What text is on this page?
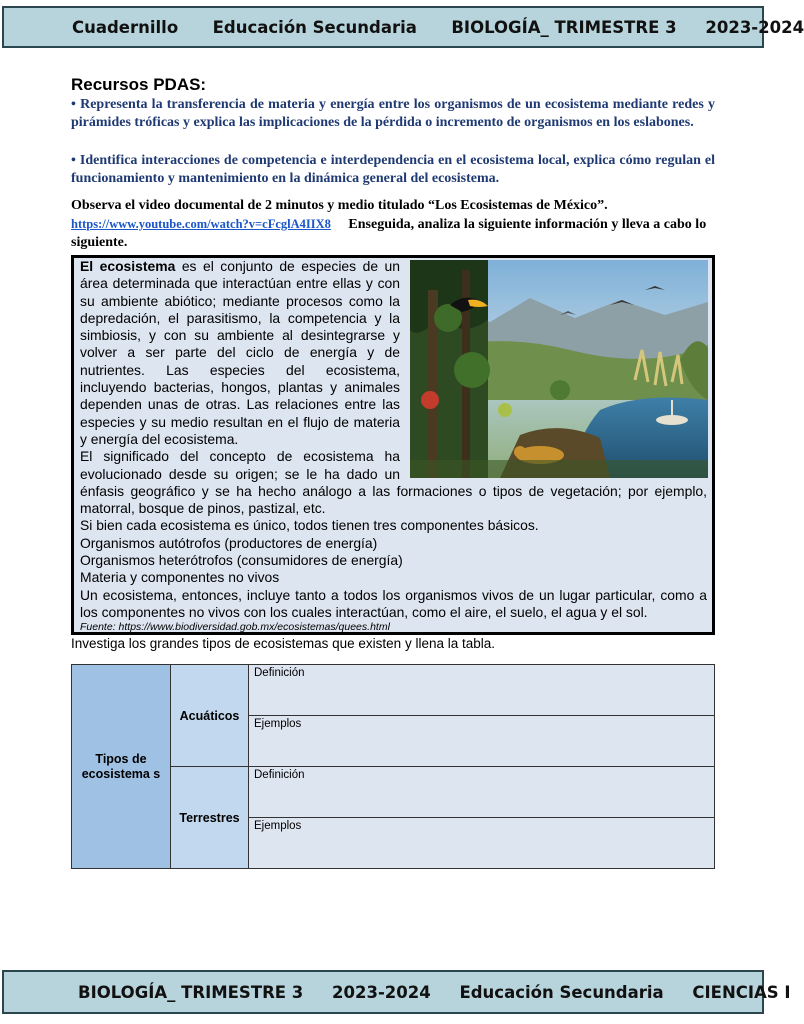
Cuadernillo
Educación Secundaria
BIOLOGÍA_ TRIMESTRE 3
2023-2024
Recursos PDAS:
• Representa la transferencia de materia y energía entre los organismos de un ecosistema mediante redes y pirámides tróficas y explica las implicaciones de la pérdida o incremento de organismos en los eslabones.
• Identifica interacciones de competencia e interdependencia en el ecosistema local, explica cómo regulan el funcionamiento y mantenimiento en la dinámica general del ecosistema.
Observa el video documental de 2 minutos y medio titulado “Los Ecosistemas de México”.
https://www.youtube.com/watch?v=cFcglA4IIX8 Enseguida, analiza la siguiente información y lleva a cabo lo siguiente.

El ecosistema es el conjunto de especies de un área determinada que interactúan entre ellas y con su ambiente abiótico; mediante procesos como la depredación, el parasitismo, la competencia y la simbiosis, y con su ambiente al desintegrarse y volver a ser parte del ciclo de energía y de nutrientes. Las especies del ecosistema, incluyendo bacterias, hongos, plantas y animales dependen unas de otras. Las relaciones entre las especies y su medio resultan en el flujo de materia y energía del ecosistema.

El significado del concepto de ecosistema ha evolucionado desde su origen; se le ha dado un énfasis geográfico y se ha hecho análogo a las formaciones o tipos de vegetación; por ejemplo, matorral, bosque de pinos, pastizal, etc.

Si bien cada ecosistema es único, todos tienen tres componentes básicos.

Organismos autótrofos (productores de energía)

Organismos heterótrofos (consumidores de energía)

Materia y componentes no vivos

Un ecosistema, entonces, incluye tanto a todos los organismos vivos de un lugar particular, como a los componentes no vivos con los cuales interactúan, como el aire, el suelo, el agua y el sol.

Fuente: https://www.biodiversidad.gob.mx/ecosistemas/quees.html

Investiga los grandes tipos de ecosistemas que existen y llena la tabla.
Tipos de ecosistema s	Acuáticos	Definición
		Ejemplos
	Terrestres	Definición
		Ejemplos
BIOLOGÍA_ TRIMESTRE 3
2023-2024
Educación Secundaria
CIENCIAS I
